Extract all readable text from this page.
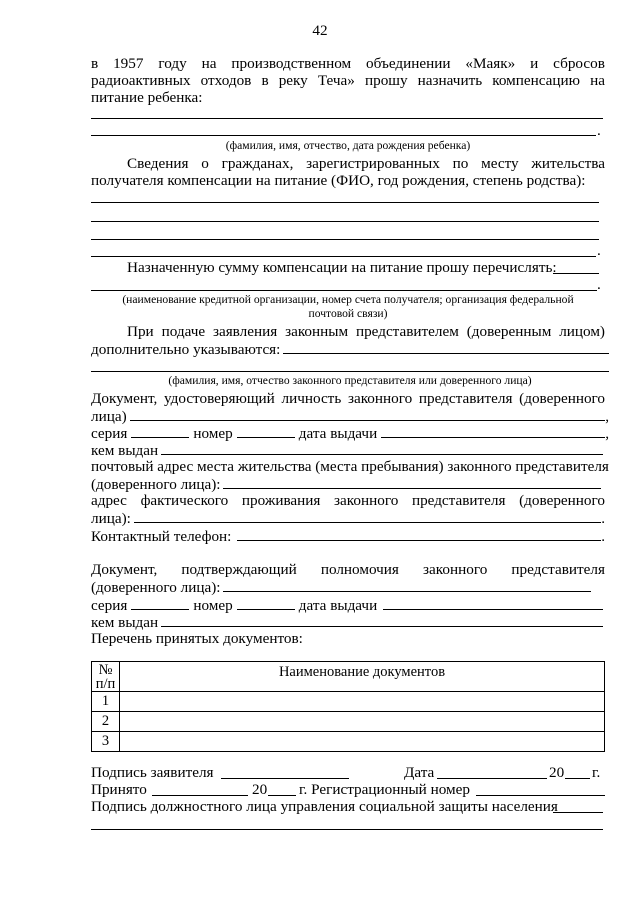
42
в 1957 году на производственном объединении «Маяк» и сбросов
радиоактивных отходов в реку Теча» прошу назначить компенсацию на
питание ребенка:
.
(фамилия, имя, отчество, дата рождения ребенка)
Сведения о гражданах, зарегистрированных по месту жительства
получателя компенсации на питание (ФИО, год рождения, степень родства):
.
Назначенную сумму компенсации на питание прошу перечислять:
.
(наименование кредитной организации, номер счета получателя; организация федеральной
почтовой связи)
При подаче заявления законным представителем (доверенным лицом)
дополнительно указываются:
(фамилия, имя, отчество законного представителя или доверенного лица)
Документ, удостоверяющий личность законного представителя (доверенного
лица)	,
серия	номер	дата выдачи	,
кем выдан
почтовый адрес места жительства (места пребывания) законного представителя
(доверенного лица):
адрес фактического проживания законного представителя (доверенного
лица):	.
Контактный телефон:	.
Документ, подтверждающий полномочия законного представителя
(доверенного лица):
серия	номер	дата выдачи
кем выдан
Перечень принятых документов:
№
п/п	Наименование документов
1	
2	
3	
Подпись заявителя	Дата	20 г.
Принято	20 г. Регистрационный номер
Подпись должностного лица управления социальной защиты населения
